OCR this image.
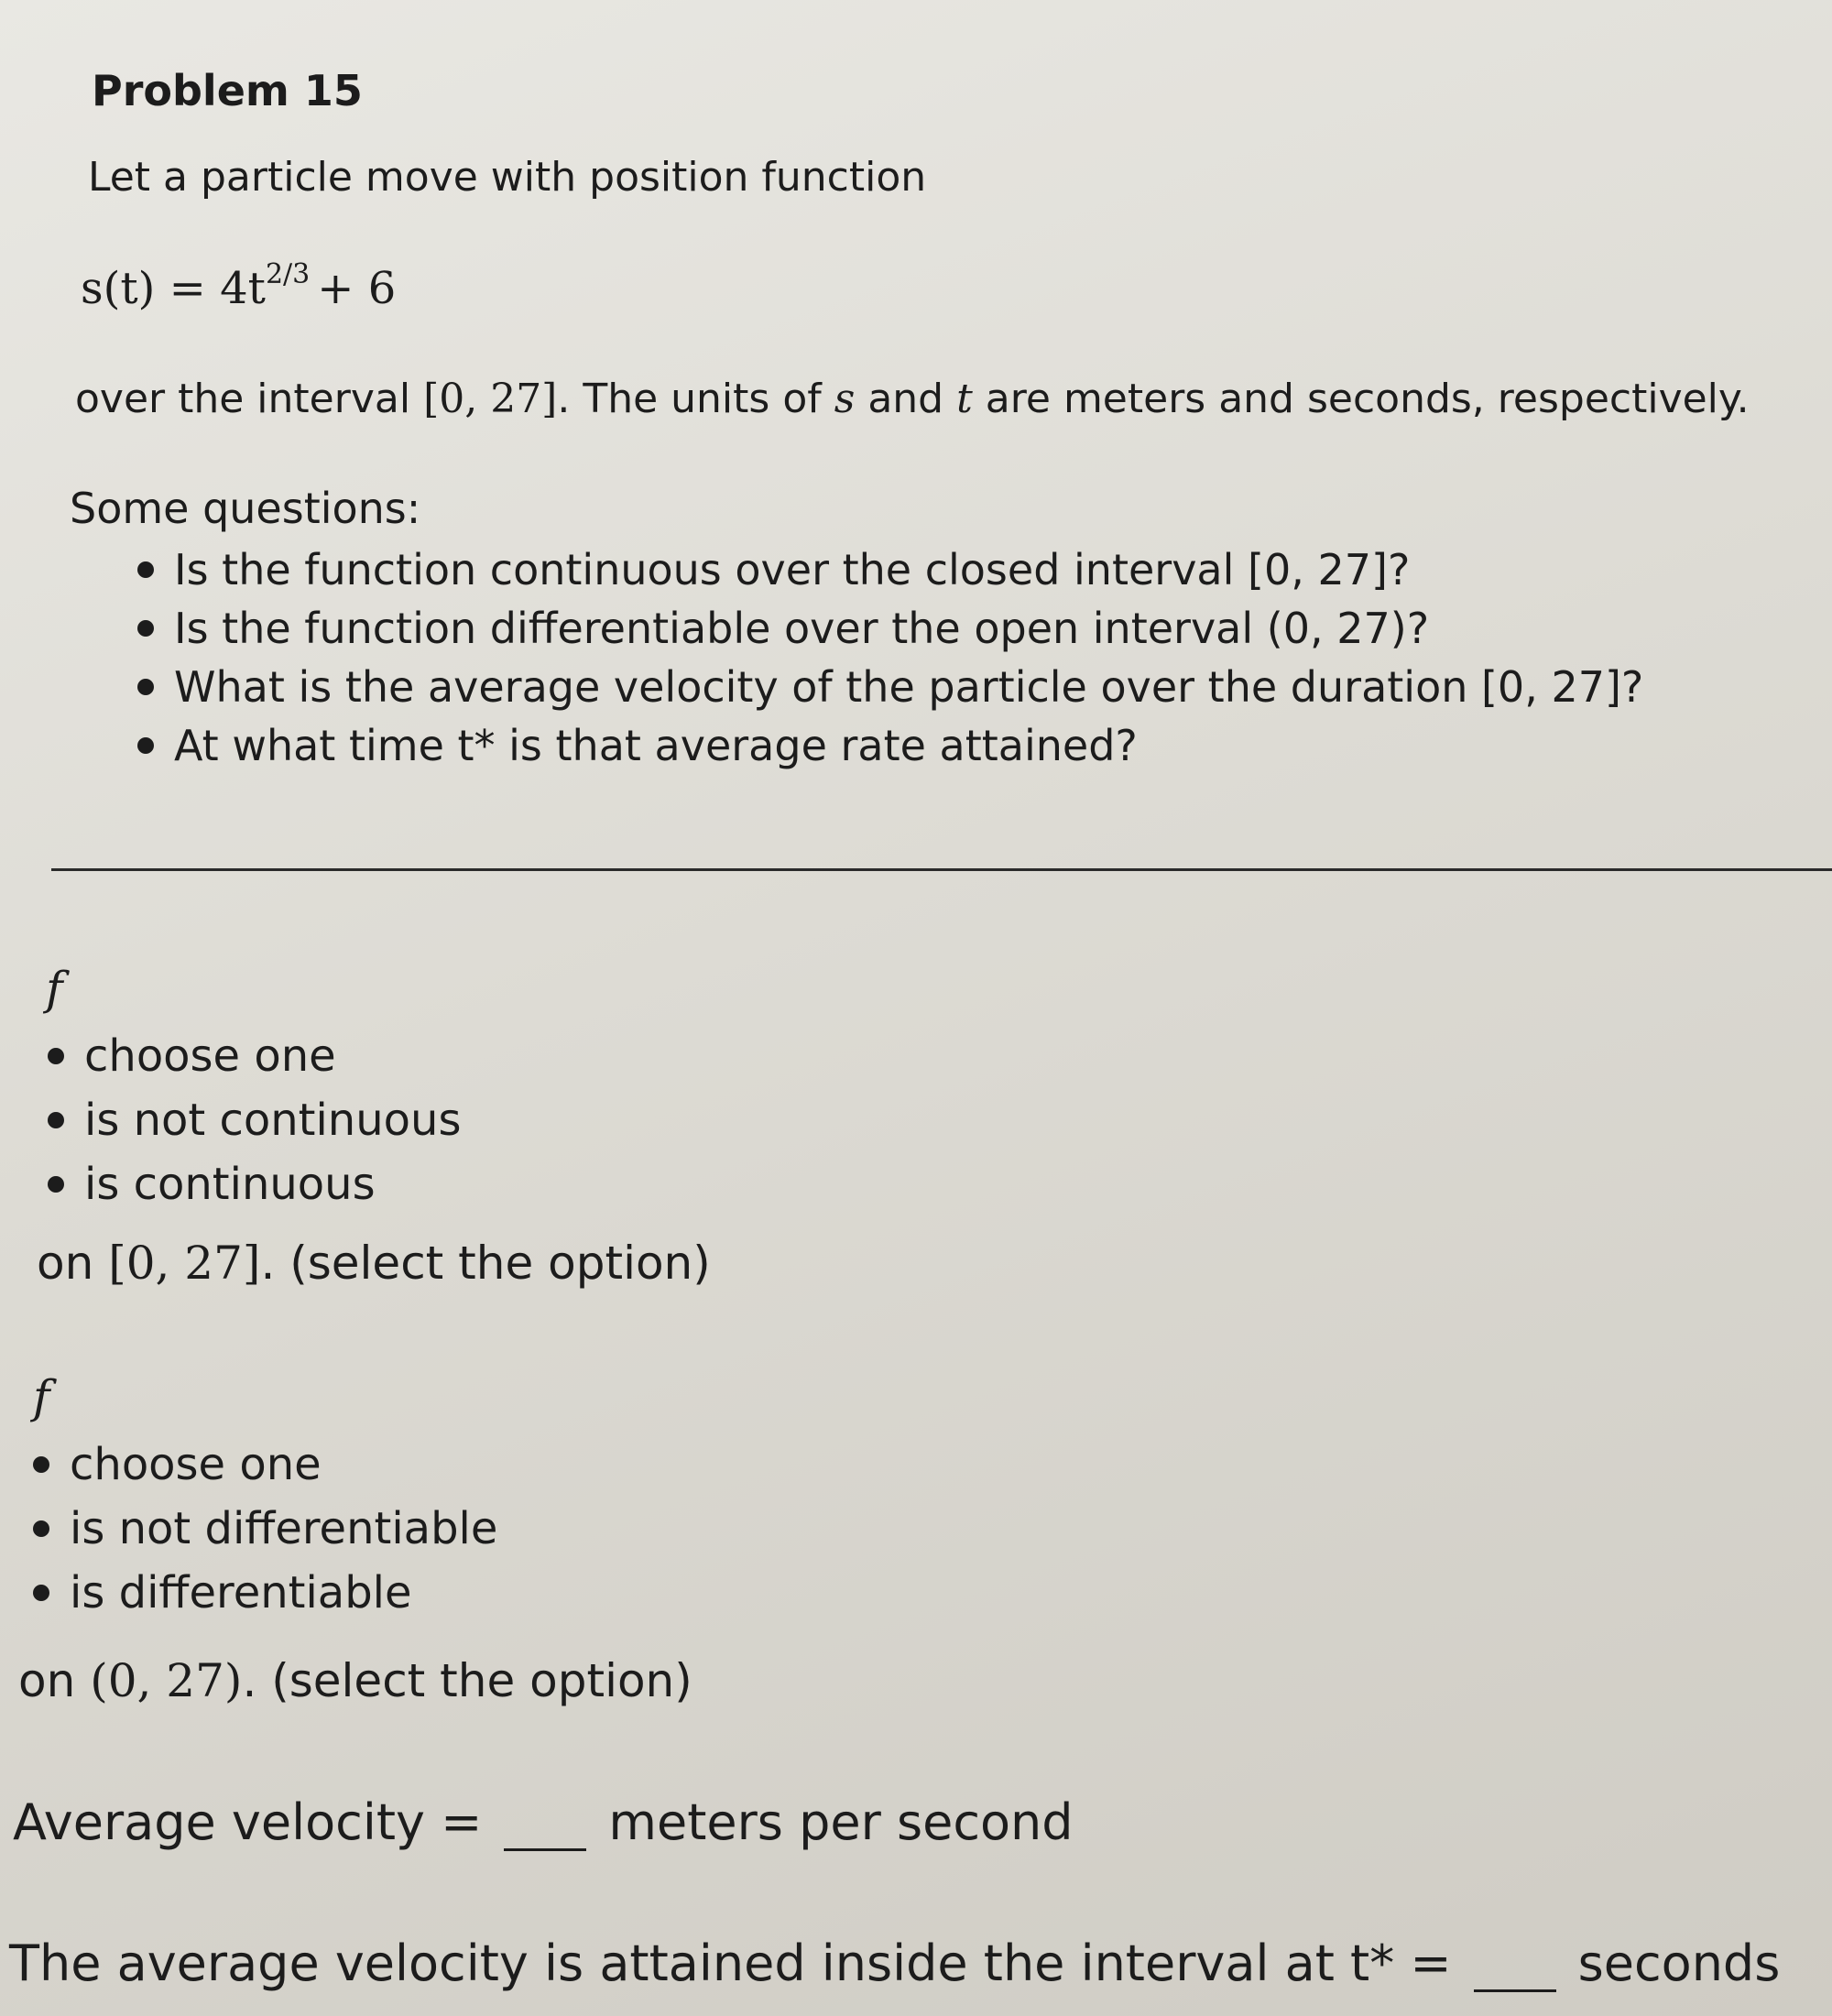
Problem 15
Let a particle move with position function
$s(t) = 4t^{2/3} + 6$
over the interval [0, 27]. The units of s and t are meters and seconds, respectively.
Some questions:
Is the function continuous over the closed interval [0, 27]?
Is the function differentiable over the open interval (0, 27)?
What is the average velocity of the particle over the duration [0, 27]?
At what time t* is that average rate attained?
f
choose one
is not continuous
is continuous
on [0, 27]. (select the option)
f
choose one
is not differentiable
is differentiable
on (0, 27). (select the option)
Average velocity =	meters per second
The average velocity is attained inside the interval at t* =	seconds
